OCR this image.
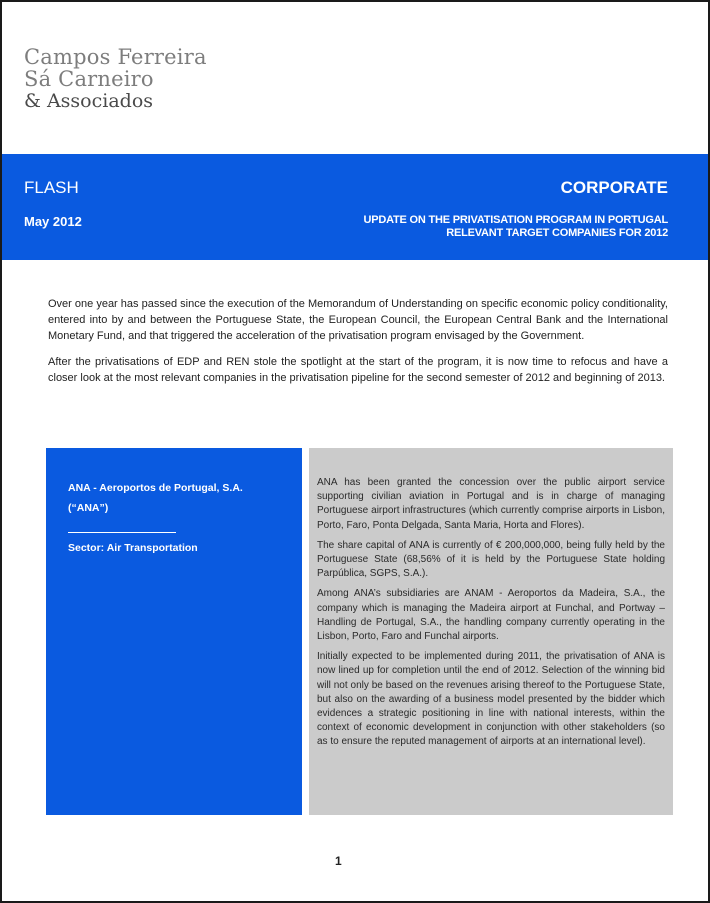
Campos Ferreira
Sá Carneiro
& Associados
FLASH
May 2012
CORPORATE
UPDATE ON THE PRIVATISATION PROGRAM IN PORTUGAL
RELEVANT TARGET COMPANIES FOR 2012

Over one year has passed since the execution of the Memorandum of Understanding on specific economic policy conditionality, entered into by and between the Portuguese State, the European Council, the European Central Bank and the International Monetary Fund, and that triggered the acceleration of the privatisation program envisaged by the Government.

After the privatisations of EDP and REN stole the spotlight at the start of the program, it is now time to refocus and have a closer look at the most relevant companies in the privatisation pipeline for the second semester of 2012 and beginning of 2013.

ANA - Aeroportos de Portugal, S.A.
(“ANA”)
Sector: Air Transportation

ANA has been granted the concession over the public airport service supporting civilian aviation in Portugal and is in charge of managing Portuguese airport infrastructures (which currently comprise airports in Lisbon, Porto, Faro, Ponta Delgada, Santa Maria, Horta and Flores).

The share capital of ANA is currently of € 200,000,000, being fully held by the Portuguese State (68,56% of it is held by the Portuguese State holding Parpública, SGPS, S.A.).

Among ANA’s subsidiaries are ANAM - Aeroportos da Madeira, S.A., the company which is managing the Madeira airport at Funchal, and Portway – Handling de Portugal, S.A., the handling company currently operating in the Lisbon, Porto, Faro and Funchal airports.

Initially expected to be implemented during 2011, the privatisation of ANA is now lined up for completion until the end of 2012. Selection of the winning bid will not only be based on the revenues arising thereof to the Portuguese State, but also on the awarding of a business model presented by the bidder which evidences a strategic positioning in line with national interests, within the context of economic development in conjunction with other stakeholders (so as to ensure the reputed management of airports at an international level).

1
